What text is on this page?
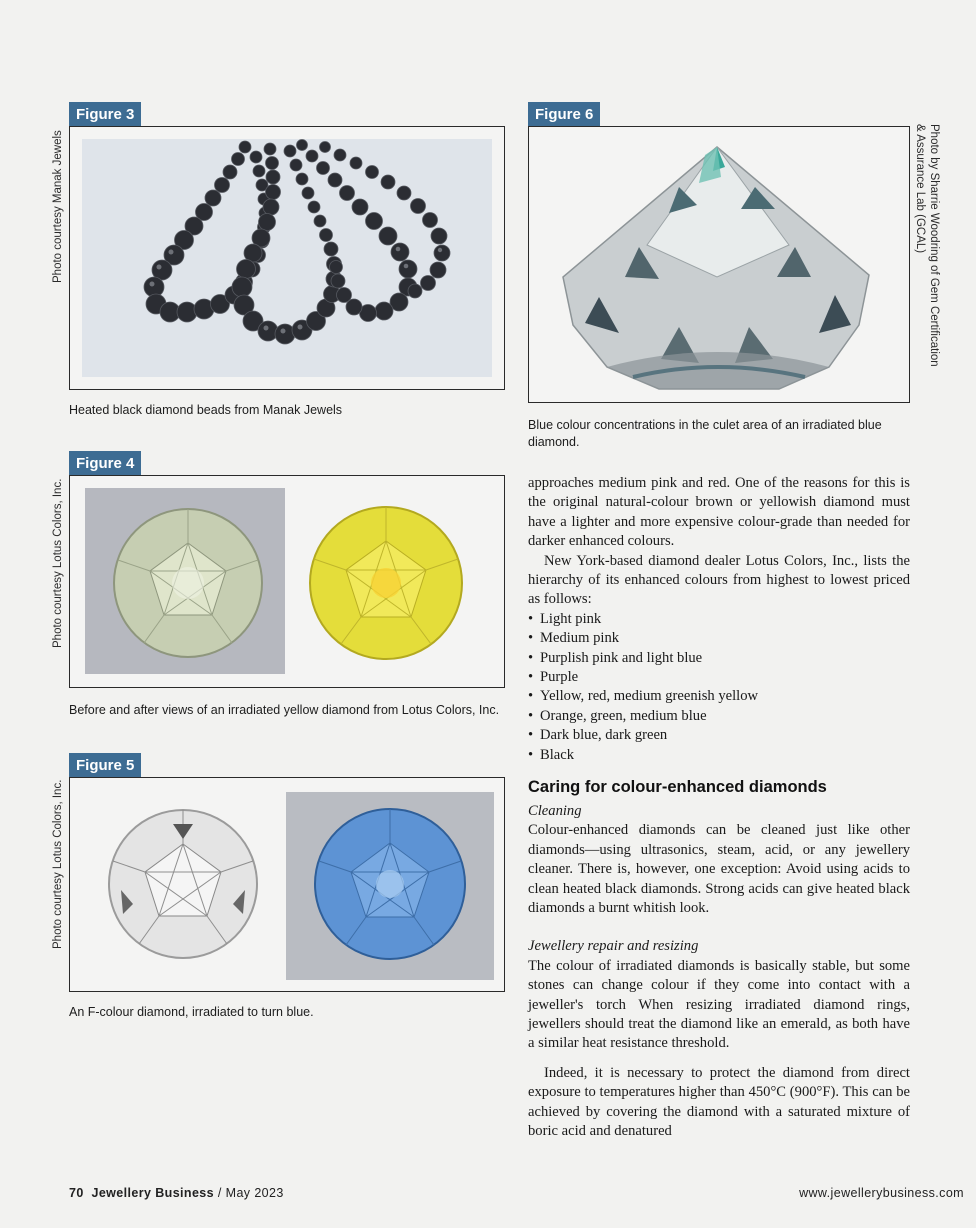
Figure 3
Photo courtesy Manak Jewels
Heated black diamond beads from Manak Jewels
Figure 4
Photo courtesy Lotus Colors, Inc.
Before and after views of an irradiated yellow diamond from Lotus Colors, Inc.
Figure 5
Photo courtesy Lotus Colors, Inc.
An F-colour diamond, irradiated to turn blue.
Figure 6
Photo by Sharrie Woodring of Gem Certification & Assurance Lab (GCAL)
Blue colour concentrations in the culet area of an irradiated blue diamond.

approaches medium pink and red. One of the reasons for this is the original natural-colour brown or yellowish diamond must have a lighter and more expensive colour-grade than needed for darker enhanced colours.

New York-based diamond dealer Lotus Colors, Inc., lists the hierarchy of its enhanced colours from highest to lowest priced as follows:

• Light pink
• Medium pink
• Purplish pink and light blue
• Purple
• Yellow, red, medium greenish yellow
• Orange, green, medium blue
• Dark blue, dark green
• Black
Caring for colour-enhanced diamonds

Cleaning

Colour-enhanced diamonds can be cleaned just like other diamonds—using ultrasonics, steam, acid, or any jewellery cleaner. There is, however, one exception: Avoid using acids to clean heated black diamonds. Strong acids can give heated black diamonds a burnt whitish look.

Jewellery repair and resizing

The colour of irradiated diamonds is basically stable, but some stones can change colour if they come into contact with a jeweller's torch When resizing irradiated diamond rings, jewellers should treat the diamond like an emerald, as both have a similar heat resistance threshold.

Indeed, it is necessary to protect the diamond from direct exposure to temperatures higher than 450°C (900°F). This can be achieved by covering the diamond with a saturated mixture of boric acid and denatured

70 Jewellery Business / May 2023	www.jewellerybusiness.com
